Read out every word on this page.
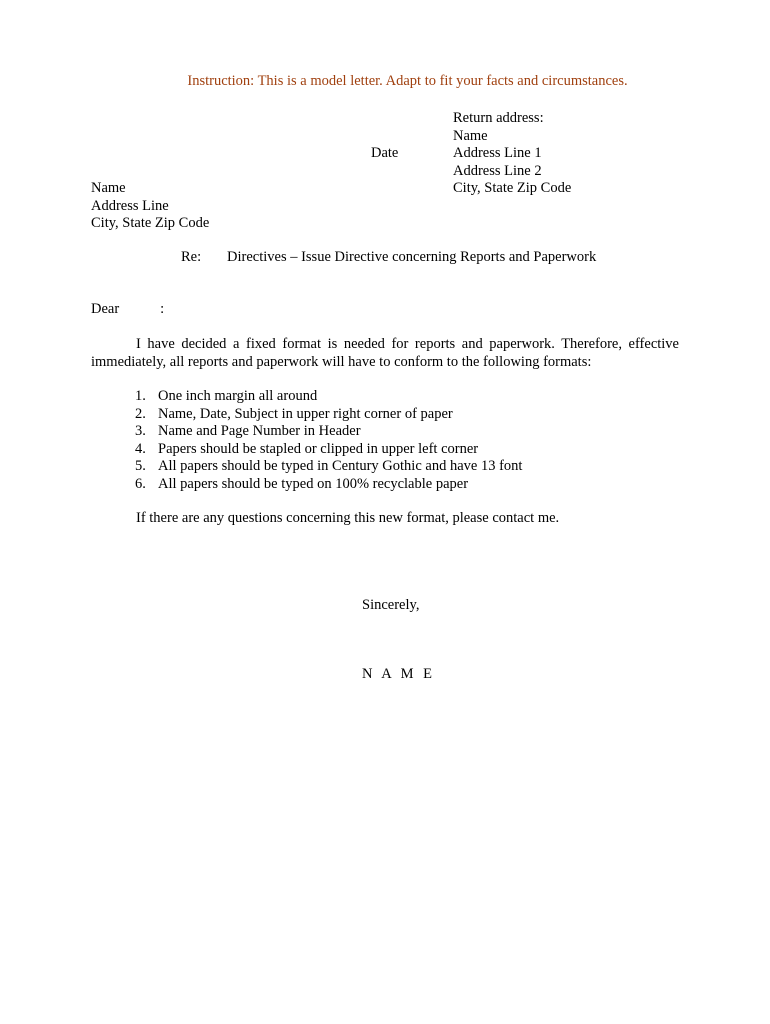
Instruction: This is a model letter. Adapt to fit your facts and circumstances.
Return address:
Name
Address Line 1
Address Line 2
City, State Zip Code
Date
Name
Address Line
City, State Zip Code
Re: Directives – Issue Directive concerning Reports and Paperwork
Dear	:
I have decided a fixed format is needed for reports and paperwork. Therefore, effective immediately, all reports and paperwork will have to conform to the following formats:
1. One inch margin all around
2. Name, Date, Subject in upper right corner of paper
3. Name and Page Number in Header
4. Papers should be stapled or clipped in upper left corner
5. All papers should be typed in Century Gothic and have 13 font
6. All papers should be typed on 100% recyclable paper
If there are any questions concerning this new format, please contact me.
Sincerely,
N A M E
